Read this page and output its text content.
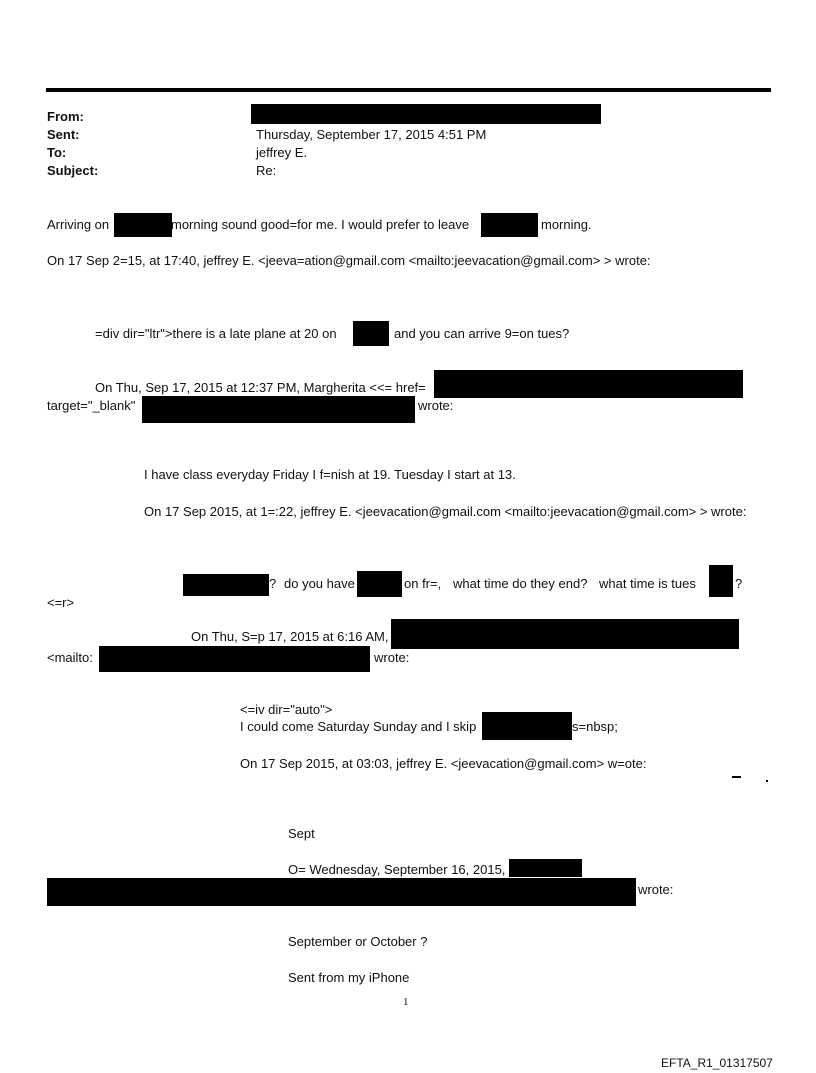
From:
Sent:	Thursday, September 17, 2015 4:51 PM
To:	jeffrey E.
Subject:	Re:
Arriving on	morning sound good=for me. I would prefer to leave	morning.
On 17 Sep 2=15, at 17:40, jeffrey E. <jeeva=ation@gmail.com <mailto:jeevacation@gmail.com> > wrote:
=div dir="ltr">there is a late plane at 20 on	and you can arrive 9=on tues?
On Thu, Sep 17, 2015 at 12:37 PM, Margherita <<= href=
target="_blank"	wrote:
I have class everyday Friday I f=nish at 19. Tuesday I start at 13.
On 17 Sep 2015, at 1=:22, jeffrey E. <jeevacation@gmail.com <mailto:jeevacation@gmail.com> > wrote:
? do you have	on fr=, what time do they end? what time is tues	?
<=r>
On Thu, S=p 17, 2015 at 6:16 AM,
<mailto:	wrote:
<=iv dir="auto">
I could come Saturday Sunday and I skip	s=nbsp;
On 17 Sep 2015, at 03:03, jeffrey E. <jeevacation@gmail.com> w=ote:
Sept
O= Wednesday, September 16, 2015,
wrote:
September or October ?
Sent from my iPhone
1
EFTA_R1_01317507
